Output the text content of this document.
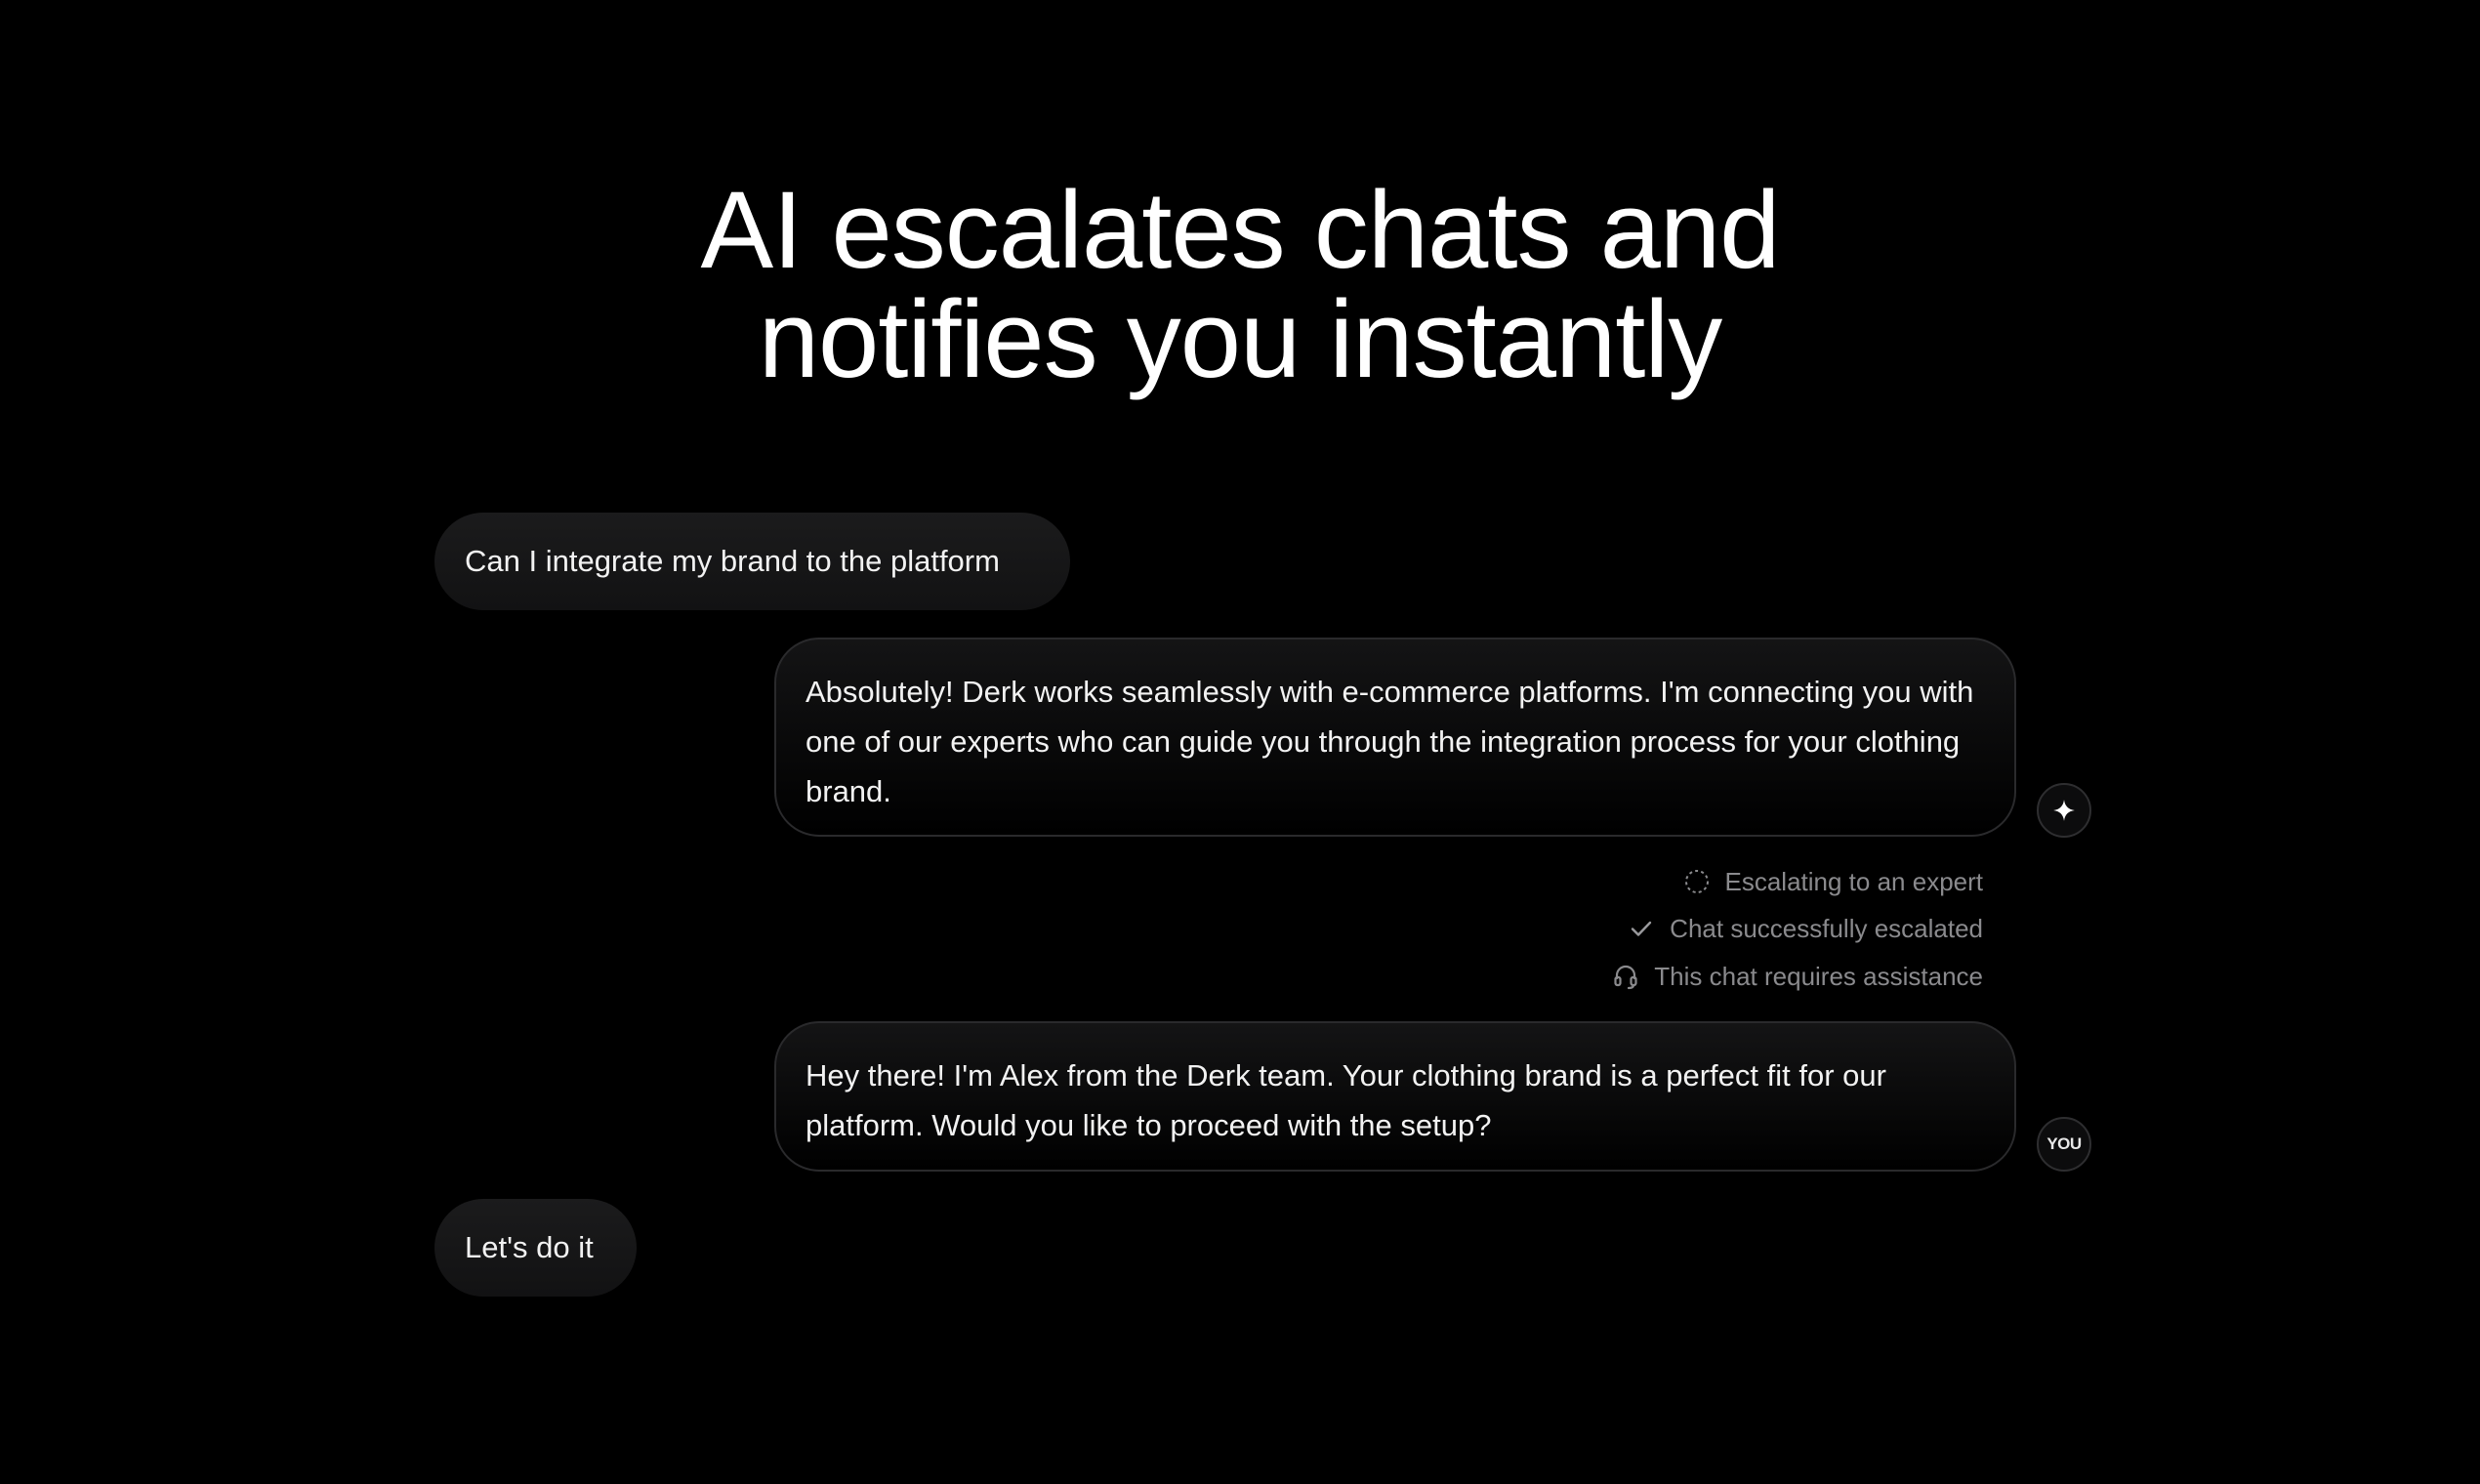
AI escalates chats and
notifies you instantly
Can I integrate my brand to the platform
Absolutely! Derk works seamlessly with e-commerce platforms. I'm connecting you with one of our experts who can guide you through the integration process for your clothing brand.
Escalating to an expert
Chat successfully escalated
This chat requires assistance
Hey there! I'm Alex from the Derk team. Your clothing brand is a perfect fit for our platform. Would you like to proceed with the setup?
YOU
Let's do it
